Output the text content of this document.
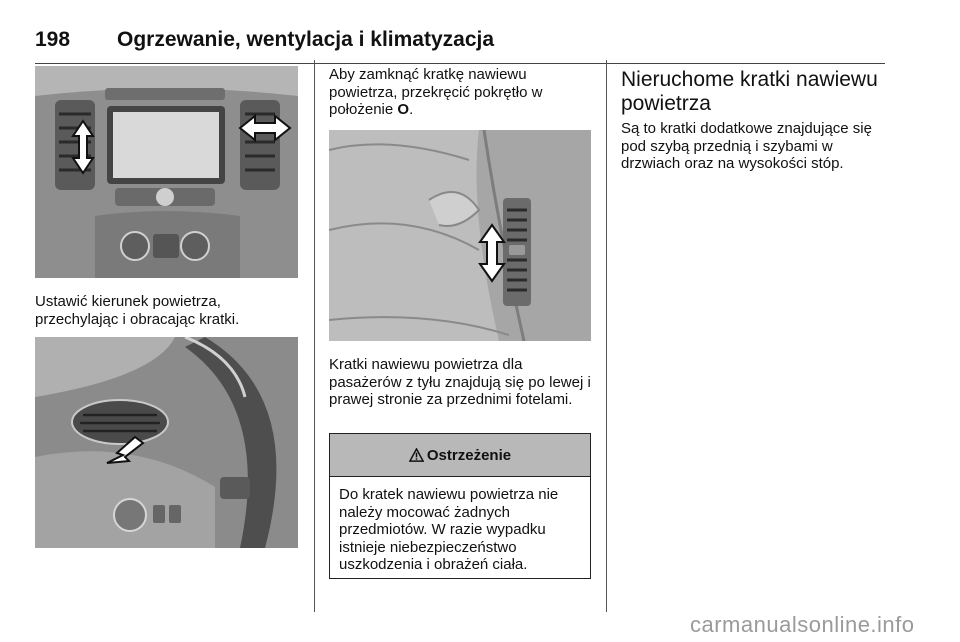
198 Ogrzewanie, wentylacja i klimatyzacja
Ustawić kierunek powietrza, przechylając i obracając kratki.
Aby zamknąć kratkę nawiewu powietrza, przekręcić pokrętło w położenie O.
Kratki nawiewu powietrza dla pasażerów z tyłu znajdują się po lewej i prawej stronie za przednimi fotelami.
Ostrzeżenie
Do kratek nawiewu powietrza nie należy mocować żadnych przedmiotów. W razie wypadku istnieje niebezpieczeństwo uszkodzenia i obrażeń ciała.
Nieruchome kratki nawiewu powietrza
Są to kratki dodatkowe znajdujące się pod szybą przednią i szybami w drzwiach oraz na wysokości stóp.
carmanualsonline.info
